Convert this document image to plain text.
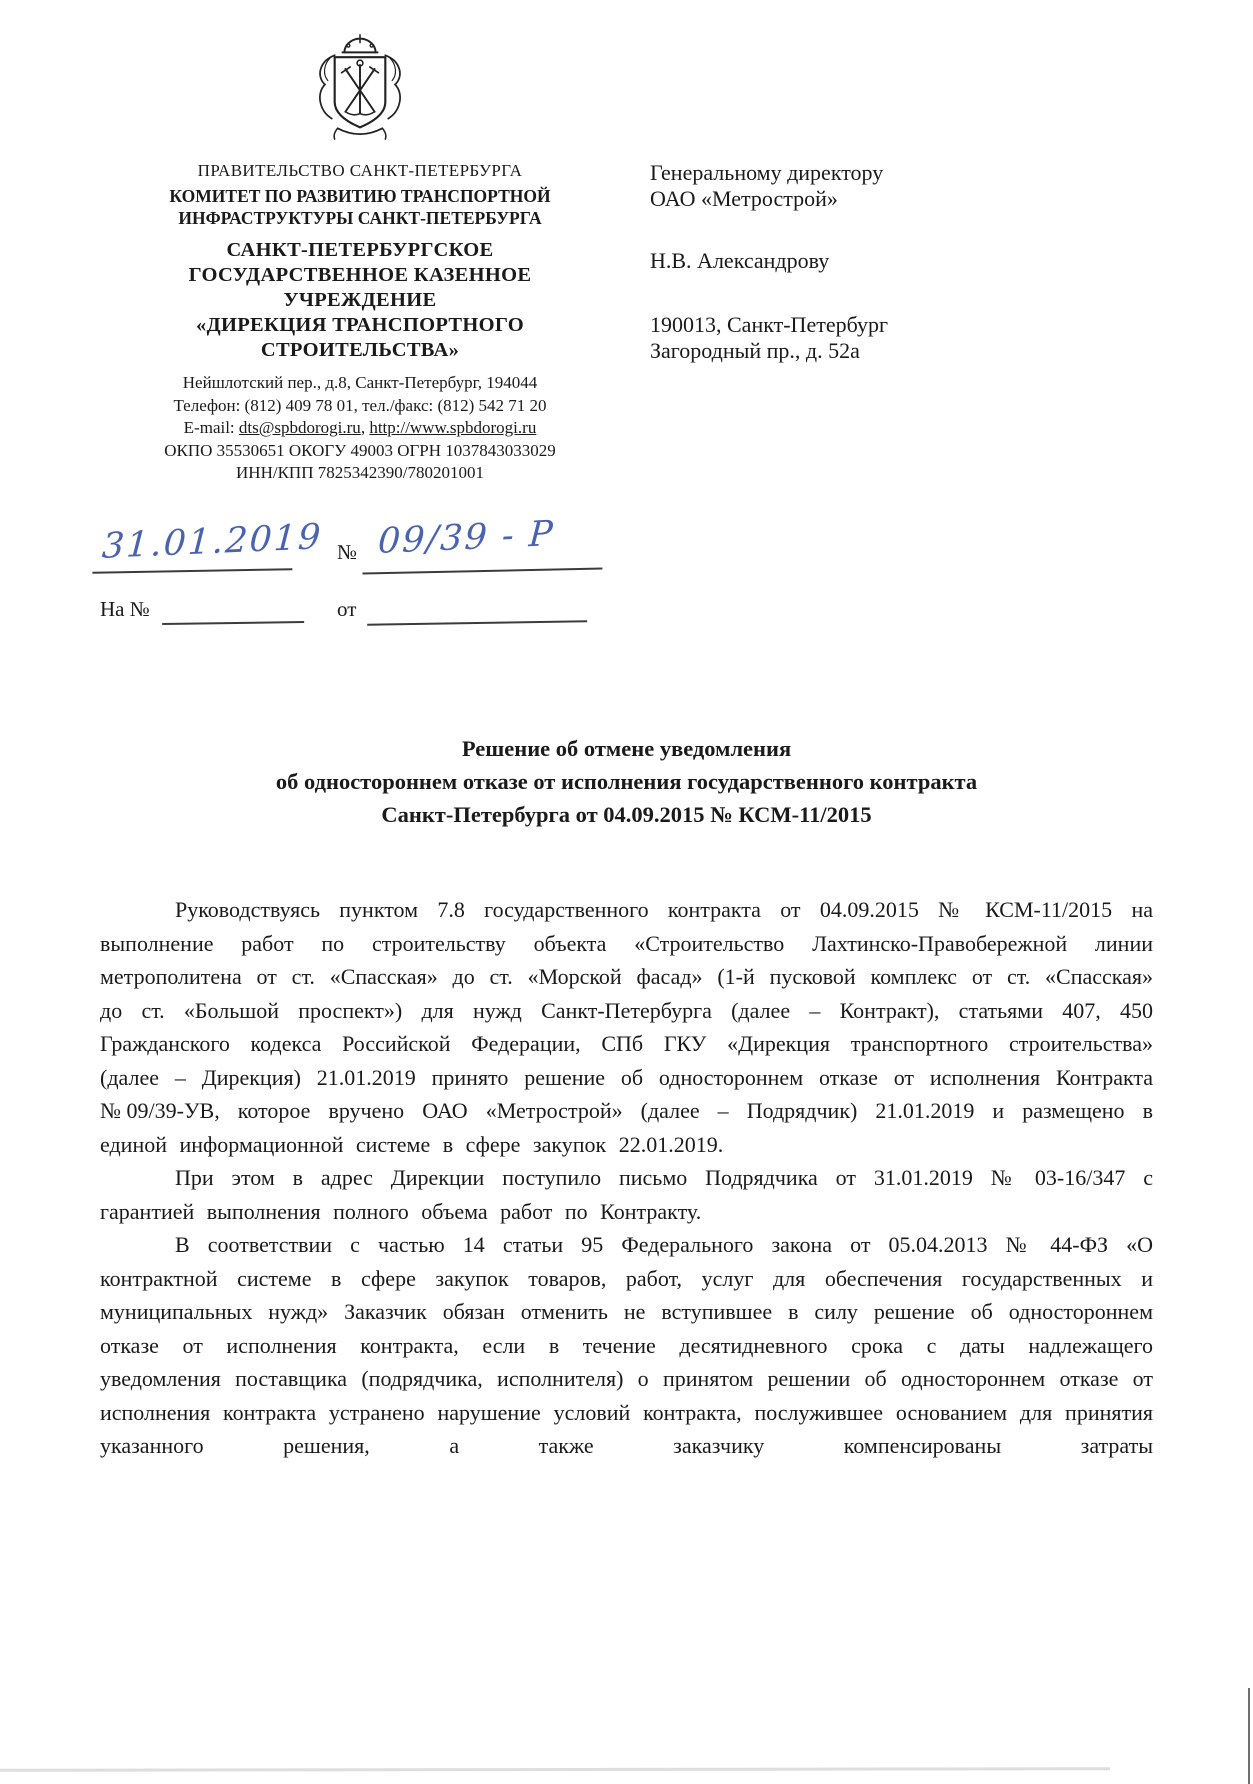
ПРАВИТЕЛЬСТВО САНКТ-ПЕТЕРБУРГА
КОМИТЕТ ПО РАЗВИТИЮ ТРАНСПОРТНОЙ
ИНФРАСТРУКТУРЫ САНКТ-ПЕТЕРБУРГА
САНКТ-ПЕТЕРБУРГСКОЕ
ГОСУДАРСТВЕННОЕ КАЗЕННОЕ
УЧРЕЖДЕНИЕ
«ДИРЕКЦИЯ ТРАНСПОРТНОГО
СТРОИТЕЛЬСТВА»
Нейшлотский пер., д.8, Санкт-Петербург, 194044
Телефон: (812) 409 78 01, тел./факс: (812) 542 71 20
E-mail: dts@spbdorogi.ru, http://www.spbdorogi.ru
ОКПО 35530651 ОКОГУ 49003 ОГРН 1037843033029
ИНН/КПП 7825342390/780201001
Генеральному директору
ОАО «Метрострой»
Н.В. Александрову
190013, Санкт-Петербург
Загородный пр., д. 52а
31.01.2019 № 09/39 - Р
На №	от
Решение об отмене уведомления
об одностороннем отказе от исполнения государственного контракта
Санкт-Петербурга от 04.09.2015 № КСМ-11/2015

Руководствуясь пунктом 7.8 государственного контракта от 04.09.2015 № КСМ-11/2015 на выполнение работ по строительству объекта «Строительство Лахтинско-Правобережной линии метрополитена от ст. «Спасская» до ст. «Морской фасад» (1-й пусковой комплекс от ст. «Спасская» до ст. «Большой проспект») для нужд Санкт-Петербурга (далее – Контракт), статьями 407, 450 Гражданского кодекса Российской Федерации, СПб ГКУ «Дирекция транспортного строительства» (далее – Дирекция) 21.01.2019 принято решение об одностороннем отказе от исполнения Контракта №09/39-УВ, которое вручено ОАО «Метрострой» (далее – Подрядчик) 21.01.2019 и размещено в единой информационной системе в сфере закупок 22.01.2019.

При этом в адрес Дирекции поступило письмо Подрядчика от 31.01.2019 № 03-16/347 с гарантией выполнения полного объема работ по Контракту.

В соответствии с частью 14 статьи 95 Федерального закона от 05.04.2013 № 44-ФЗ «О контрактной системе в сфере закупок товаров, работ, услуг для обеспечения государственных и муниципальных нужд» Заказчик обязан отменить не вступившее в силу решение об одностороннем отказе от исполнения контракта, если в течение десятидневного срока с даты надлежащего уведомления поставщика (подрядчика, исполнителя) о принятом решении об одностороннем отказе от исполнения контракта устранено нарушение условий контракта, послужившее основанием для принятия указанного решения, а также заказчику компенсированы затраты
